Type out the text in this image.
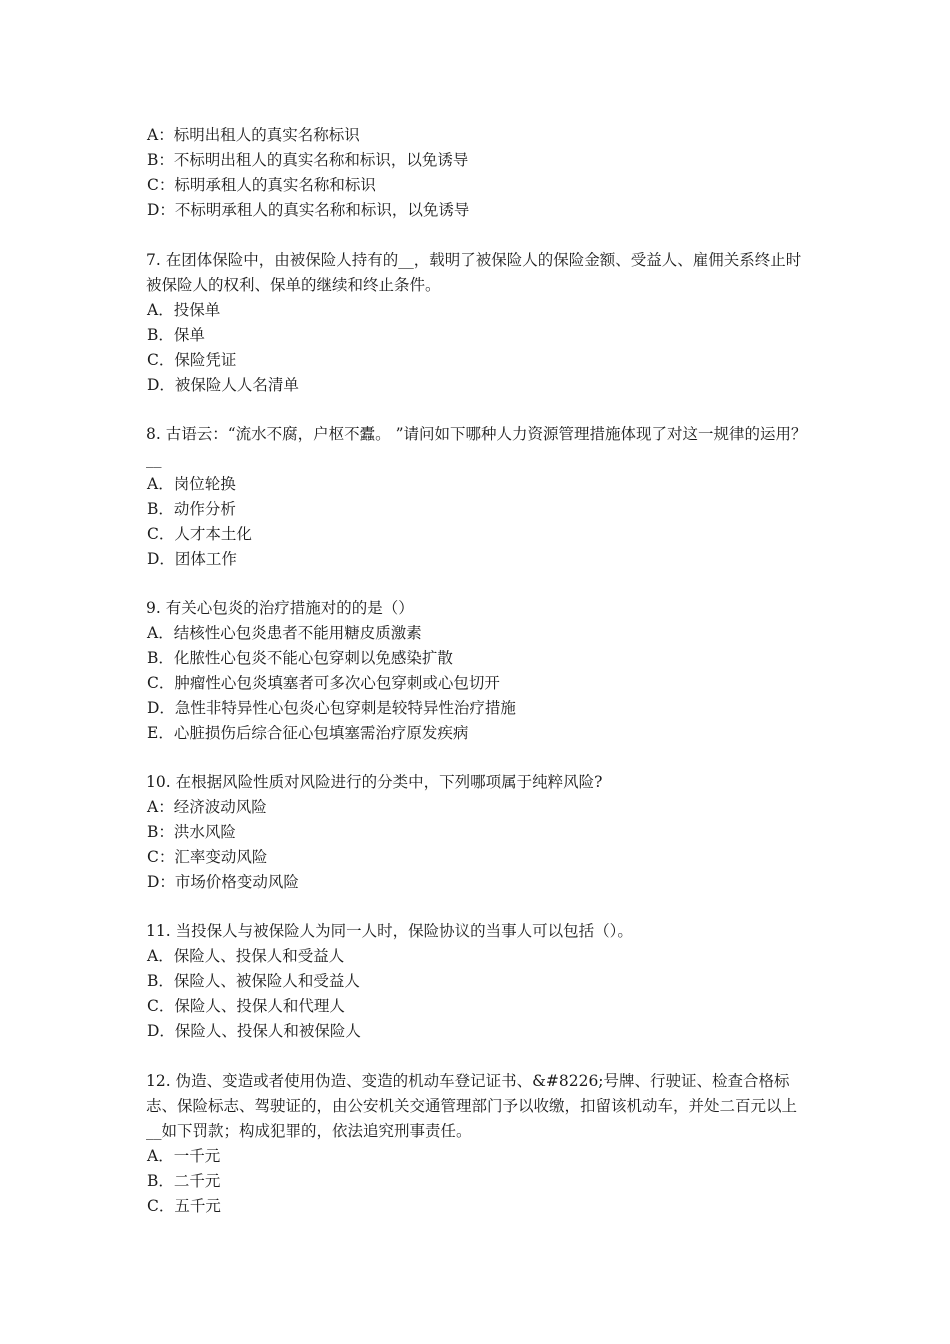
A：标明出租人的真实名称标识

B：不标明出租人的真实名称和标识，以免诱导

C：标明承租人的真实名称和标识

D：不标明承租人的真实名称和标识，以免诱导

7. 在团体保险中，由被保险人持有的__，载明了被保险人的保险金额、受益人、雇佣关系终止时被保险人的权利、保单的继续和终止条件。

A．投保单

B．保单

C．保险凭证

D．被保险人人名清单

8. 古语云：“流水不腐，户枢不蠹。 ”请问如下哪种人力资源管理措施体现了对这一规律的运用？__

A．岗位轮换

B．动作分析

C．人才本土化

D．团体工作

9. 有关心包炎的治疗措施对的的是（）

A．结核性心包炎患者不能用糖皮质激素

B．化脓性心包炎不能心包穿刺以免感染扩散

C．肿瘤性心包炎填塞者可多次心包穿刺或心包切开

D．急性非特异性心包炎心包穿刺是较特异性治疗措施

E．心脏损伤后综合征心包填塞需治疗原发疾病

10. 在根据风险性质对风险进行的分类中，下列哪项属于纯粹风险?

A：经济波动风险

B：洪水风险

C：汇率变动风险

D：市场价格变动风险

11. 当投保人与被保险人为同一人时，保险协议的当事人可以包括（）。

A．保险人、投保人和受益人

B．保险人、被保险人和受益人

C．保险人、投保人和代理人

D．保险人、投保人和被保险人

12. 伪造、变造或者使用伪造、变造的机动车登记证书、&#8226;号牌、行驶证、检查合格标志、保险标志、驾驶证的，由公安机关交通管理部门予以收缴，扣留该机动车，并处二百元以上__如下罚款；构成犯罪的，依法追究刑事责任。

A．一千元

B．二千元

C．五千元
